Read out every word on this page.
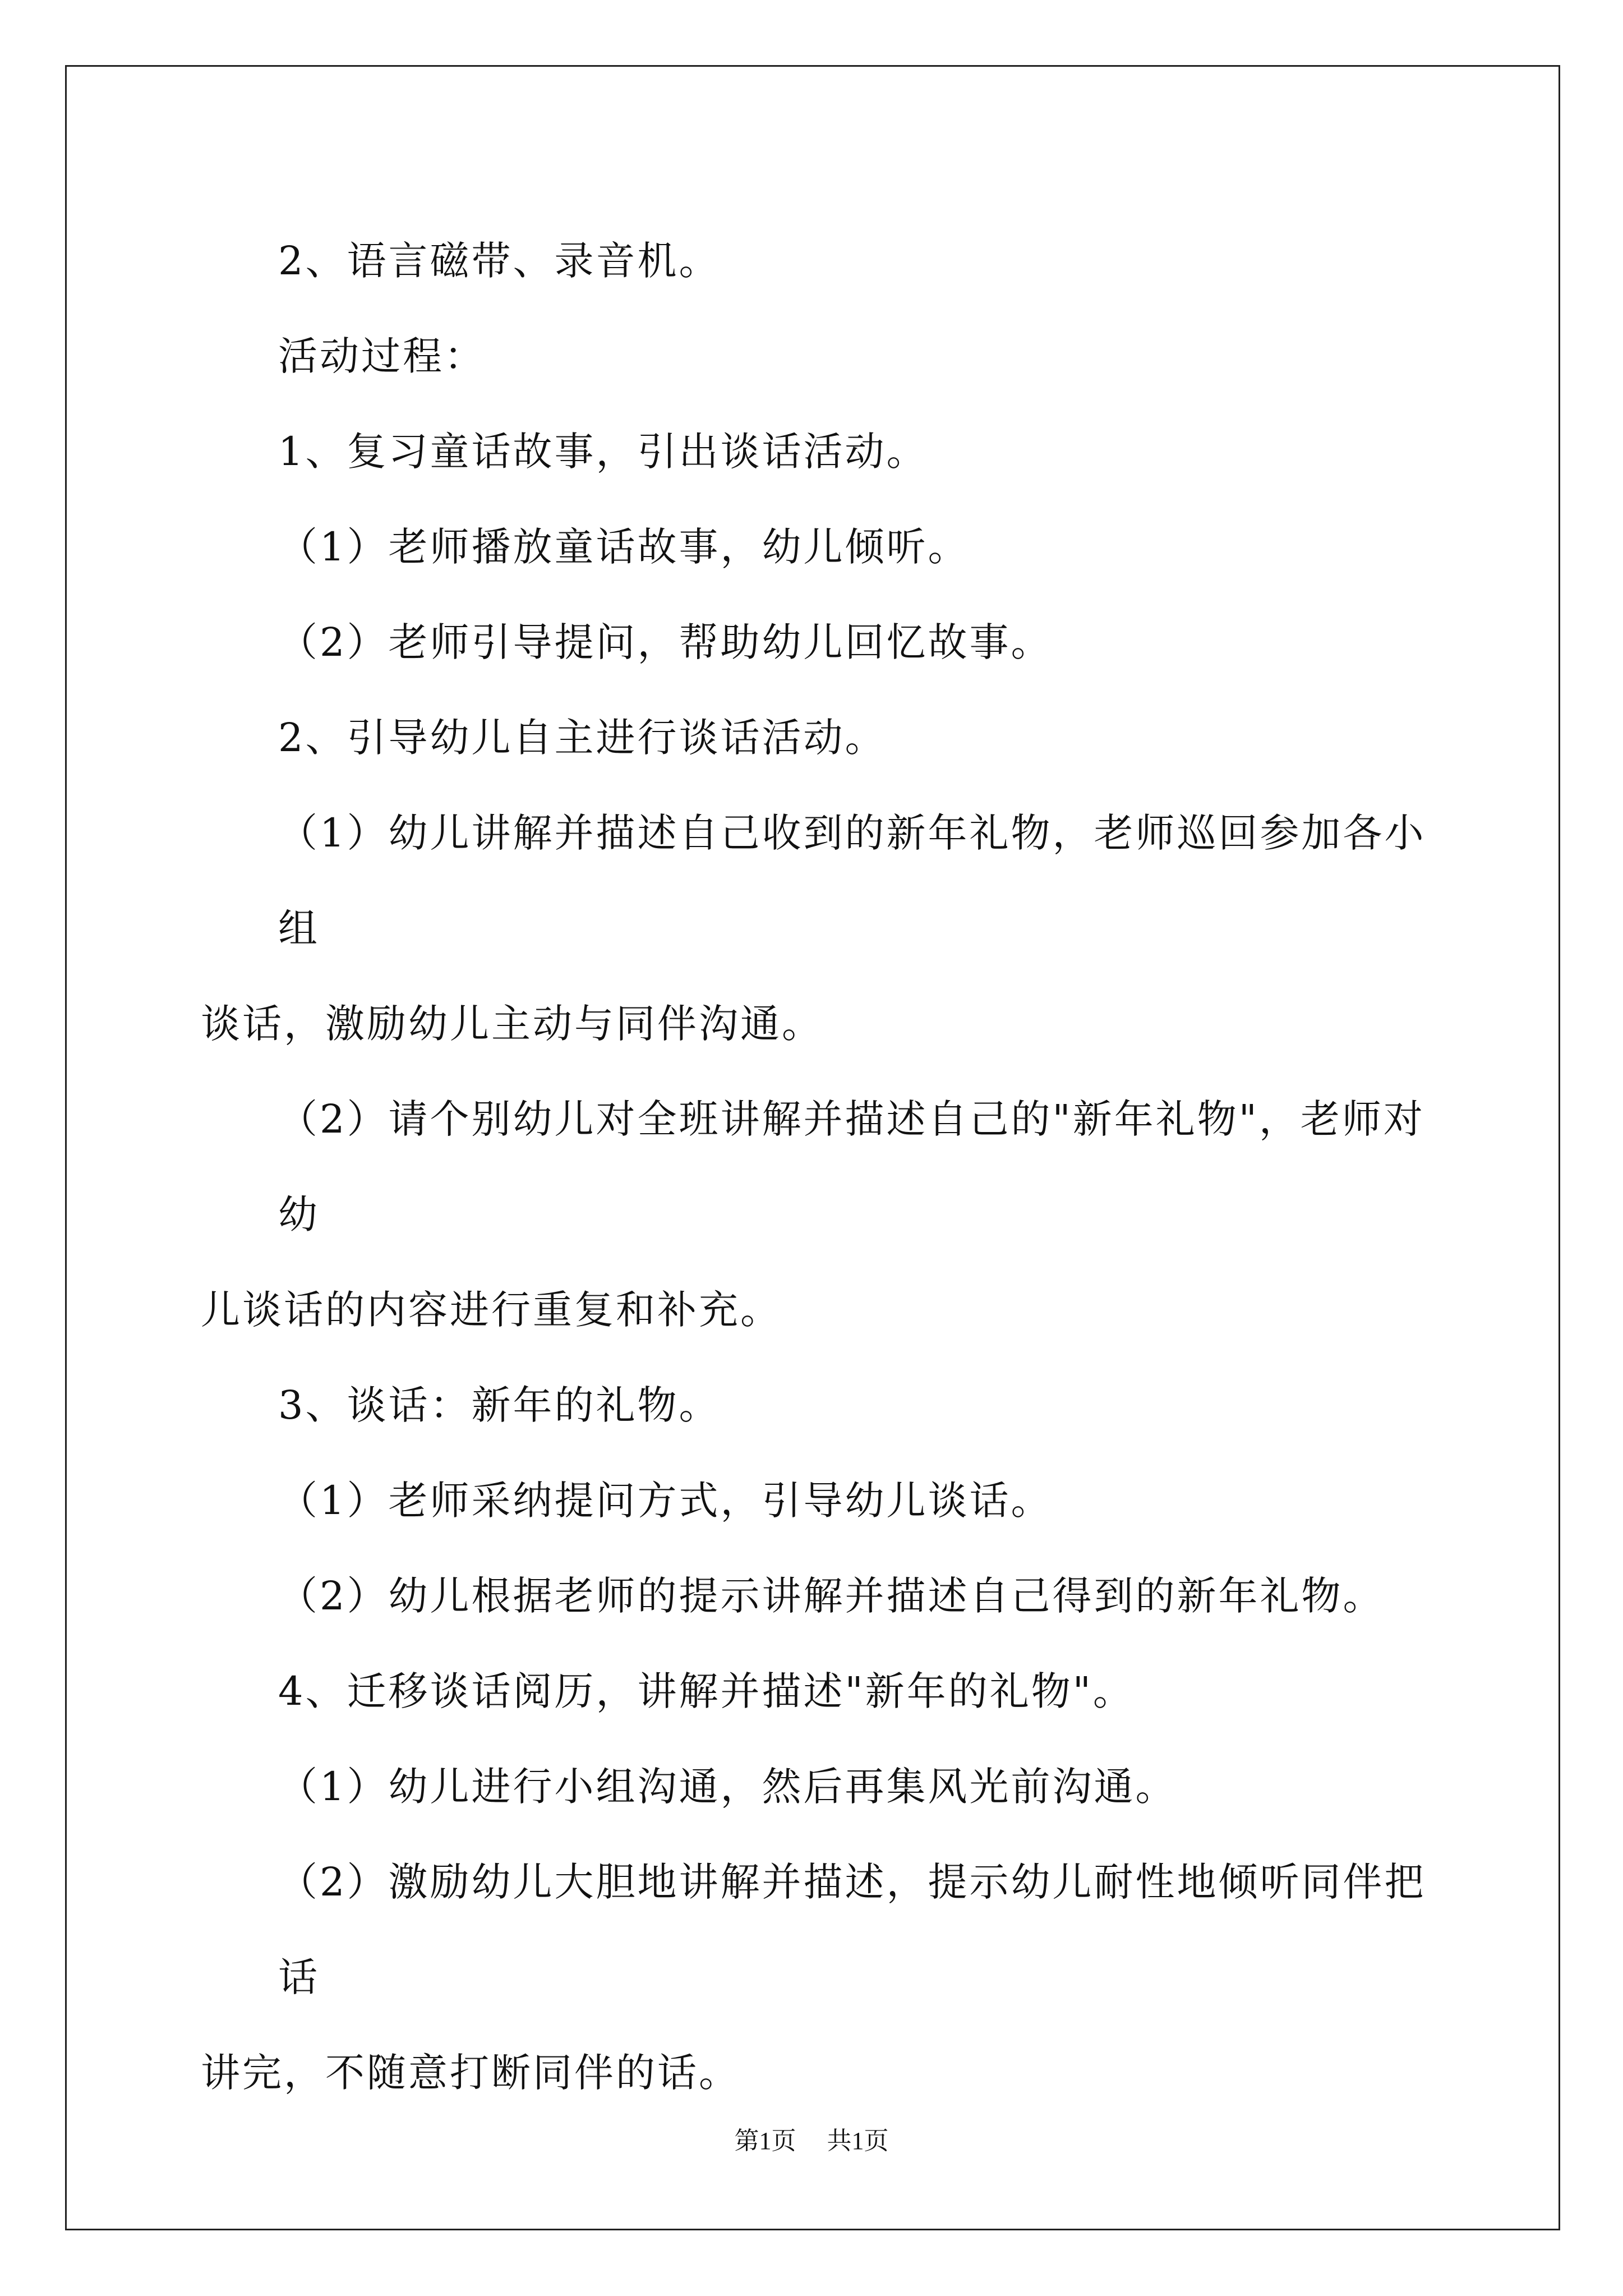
2、语言磁带、录音机。

活动过程：

1、复习童话故事，引出谈话活动。

（1）老师播放童话故事，幼儿倾听。

（2）老师引导提问，帮助幼儿回忆故事。

2、引导幼儿自主进行谈话活动。

（1）幼儿讲解并描述自己收到的新年礼物，老师巡回参加各小组

谈话，激励幼儿主动与同伴沟通。

（2）请个别幼儿对全班讲解并描述自己的"新年礼物"，老师对幼

儿谈话的内容进行重复和补充。

3、谈话：新年的礼物。

（1）老师采纳提问方式，引导幼儿谈话。

（2）幼儿根据老师的提示讲解并描述自己得到的新年礼物。

4、迁移谈话阅历，讲解并描述"新年的礼物"。

（1）幼儿进行小组沟通，然后再集风光前沟通。

（2）激励幼儿大胆地讲解并描述，提示幼儿耐性地倾听同伴把话

讲完，不随意打断同伴的话。

第1页 共1页
